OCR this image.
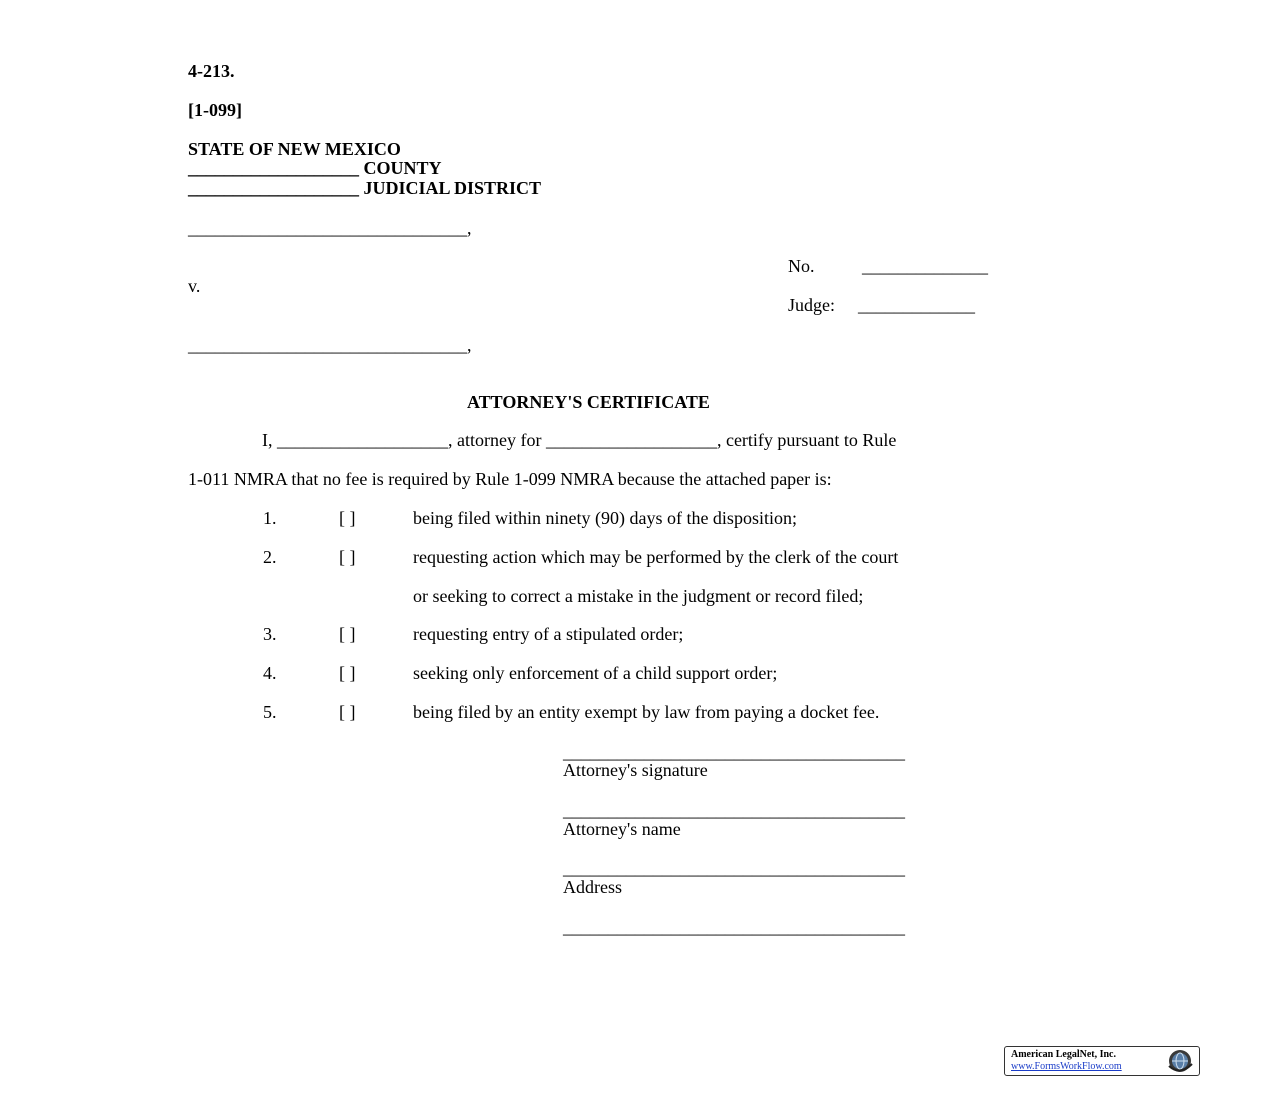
4-213.
[1-099]
STATE OF NEW MEXICO
___________________ COUNTY
___________________ JUDICIAL DISTRICT
_______________________________,
v.
_______________________________,
No.	______________
Judge: _____________
ATTORNEY'S CERTIFICATE
I, ___________________, attorney for ___________________, certify pursuant to Rule
1-011 NMRA that no fee is required by Rule 1-099 NMRA because the attached paper is:
1.	[ ]	being filed within ninety (90) days of the disposition;
2.	[ ]	requesting action which may be performed by the clerk of the court
or seeking to correct a mistake in the judgment or record filed;
3.	[ ]	requesting entry of a stipulated order;
4.	[ ]	seeking only enforcement of a child support order;
5.	[ ]	being filed by an entity exempt by law from paying a docket fee.
______________________________________
Attorney's signature
______________________________________
Attorney's name
______________________________________
Address
______________________________________
American LegalNet, Inc.
www.FormsWorkFlow.com
